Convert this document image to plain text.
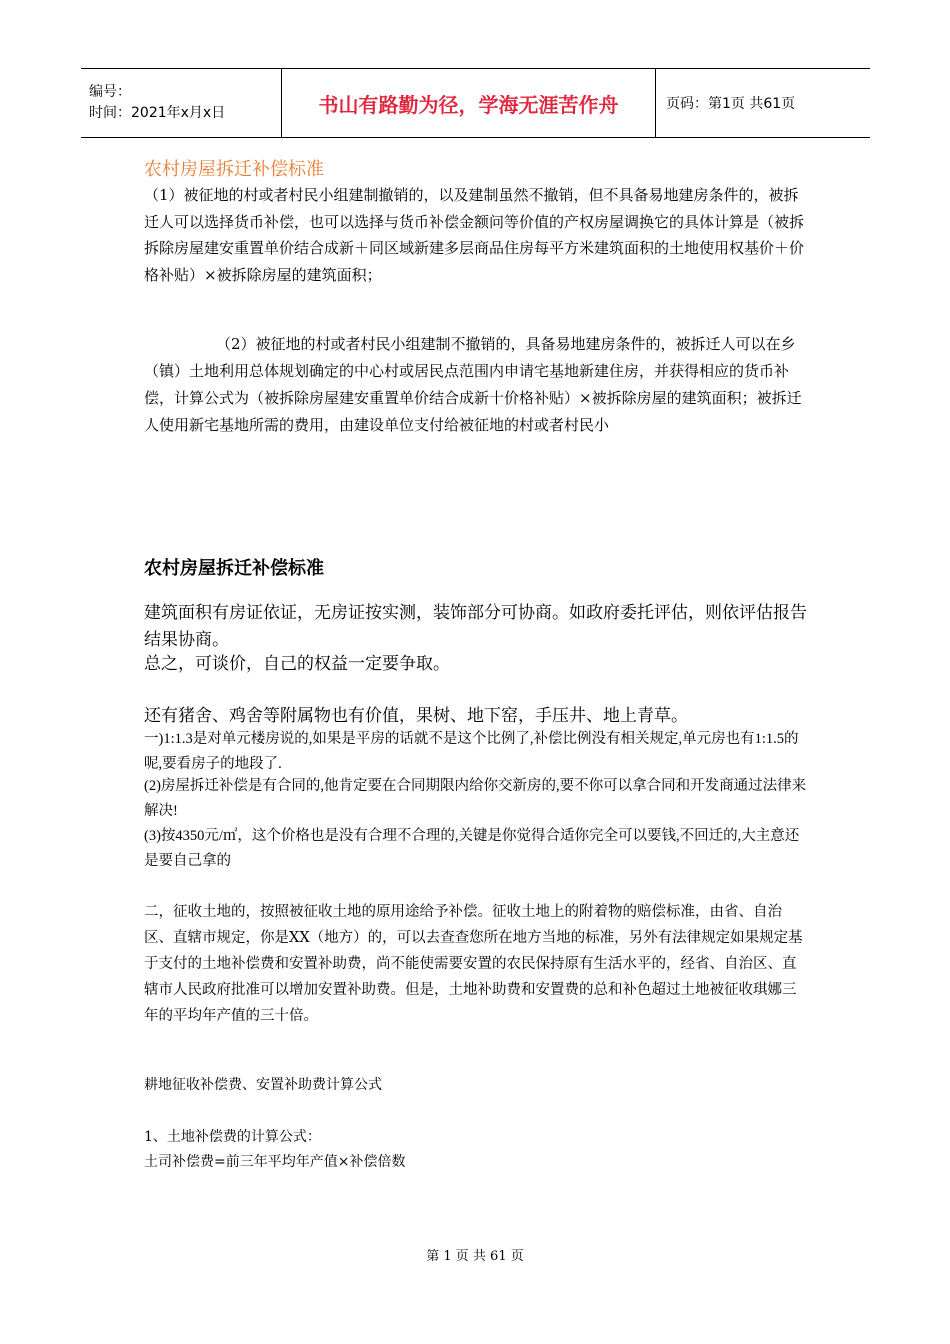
编号：
时间：2021年x月x日	书山有路勤为径，学海无涯苦作舟	页码：第1页 共61页

农村房屋拆迁补偿标准

（1）被征地的村或者村民小组建制撤销的，以及建制虽然不撤销，但不具备易地建房条件的，被拆迁人可以选择货币补偿，也可以选择与货币补偿金额问等价值的产权房屋调换它的具体计算是（被拆拆除房屋建安重置单价结合成新＋同区域新建多层商品住房每平方米建筑面积的土地使用权基价＋价格补贴）×被拆除房屋的建筑面积；

（2）被征地的村或者村民小组建制不撤销的，具备易地建房条件的，被拆迁人可以在乡（镇）土地利用总体规划确定的中心村或居民点范围内申请宅基地新建住房，并获得相应的货币补偿，计算公式为（被拆除房屋建安重置单价结合成新十价格补贴）×被拆除房屋的建筑面积；被拆迁人使用新宅基地所需的费用，由建设单位支付给被征地的村或者村民小

农村房屋拆迁补偿标准

建筑面积有房证依证，无房证按实测，装饰部分可协商。如政府委托评估，则依评估报告结果协商。

总之，可谈价，自己的权益一定要争取。

还有猪舍、鸡舍等附属物也有价值，果树、地下窑，手压井、地上青草。

一)1:1.3是对单元楼房说的,如果是平房的话就不是这个比例了,补偿比例没有相关规定,单元房也有1:1.5的呢,要看房子的地段了.

(2)房屋拆迁补偿是有合同的,他肯定要在合同期限内给你交新房的,要不你可以拿合同和开发商通过法律来解决!

(3)按4350元/㎡，这个价格也是没有合理不合理的,关键是你觉得合适你完全可以要钱,不回迁的,大主意还是要自己拿的

二，征收土地的，按照被征收土地的原用途给予补偿。征收土地上的附着物的赔偿标准，由省、自治区、直辖市规定，你是XX（地方）的，可以去查查您所在地方当地的标准，另外有法律规定如果规定基于支付的土地补偿费和安置补助费，尚不能使需要安置的农民保持原有生活水平的，经省、自治区、直辖市人民政府批准可以增加安置补助费。但是，土地补助费和安置费的总和补色超过土地被征收琪娜三年的平均年产值的三十倍。

耕地征收补偿费、安置补助费计算公式

1、土地补偿费的计算公式：

土司补偿费=前三年平均年产值×补偿倍数

第 1 页 共 61 页
